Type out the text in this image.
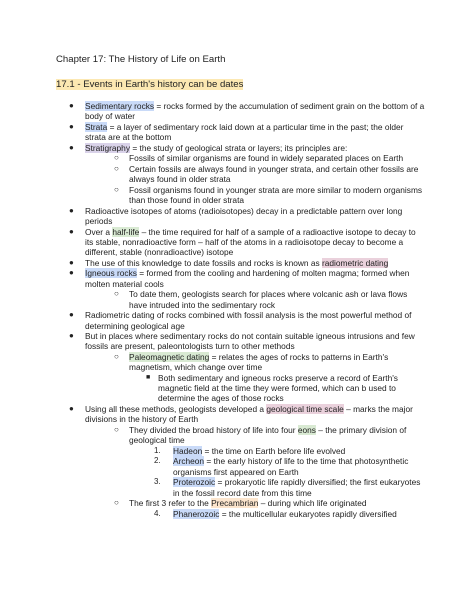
Chapter 17: The History of Life on Earth
17.1 - Events in Earth's history can be dates
● Sedimentary rocks = rocks formed by the accumulation of sediment grain on the bottom of a body of water
● Strata = a layer of sedimentary rock laid down at a particular time in the past; the older strata are at the bottom
● Stratigraphy = the study of geological strata or layers; its principles are:
○ Fossils of similar organisms are found in widely separated places on Earth
○ Certain fossils are always found in younger strata, and certain other fossils are always found in older strata
○ Fossil organisms found in younger strata are more similar to modern organisms than those found in older strata
● Radioactive isotopes of atoms (radioisotopes) decay in a predictable pattern over long periods
● Over a half-life – the time required for half of a sample of a radioactive isotope to decay to its stable, nonradioactive form – half of the atoms in a radioisotope decay to become a different, stable (nonradioactive) isotope
● The use of this knowledge to date fossils and rocks is known as radiometric dating
● Igneous rocks = formed from the cooling and hardening of molten magma; formed when molten material cools
○ To date them, geologists search for places where volcanic ash or lava flows have intruded into the sedimentary rock
● Radiometric dating of rocks combined with fossil analysis is the most powerful method of determining geological age
● But in places where sedimentary rocks do not contain suitable igneous intrusions and few fossils are present, paleontologists turn to other methods
○ Paleomagnetic dating = relates the ages of rocks to patterns in Earth's magnetism, which change over time
■ Both sedimentary and igneous rocks preserve a record of Earth's magnetic field at the time they were formed, which can b used to determine the ages of those rocks
● Using all these methods, geologists developed a geological time scale – marks the major divisions in the history of Earth
○ They divided the broad history of life into four eons – the primary division of geological time
1. Hadeon = the time on Earth before life evolved
2. Archeon = the early history of life to the time that photosynthetic organisms first appeared on Earth
3. Proterozoic = prokaryotic life rapidly diversified; the first eukaryotes in the fossil record date from this time
○ The first 3 refer to the Precambrian – during which life originated
4. Phanerozoic = the multicellular eukaryotes rapidly diversified
